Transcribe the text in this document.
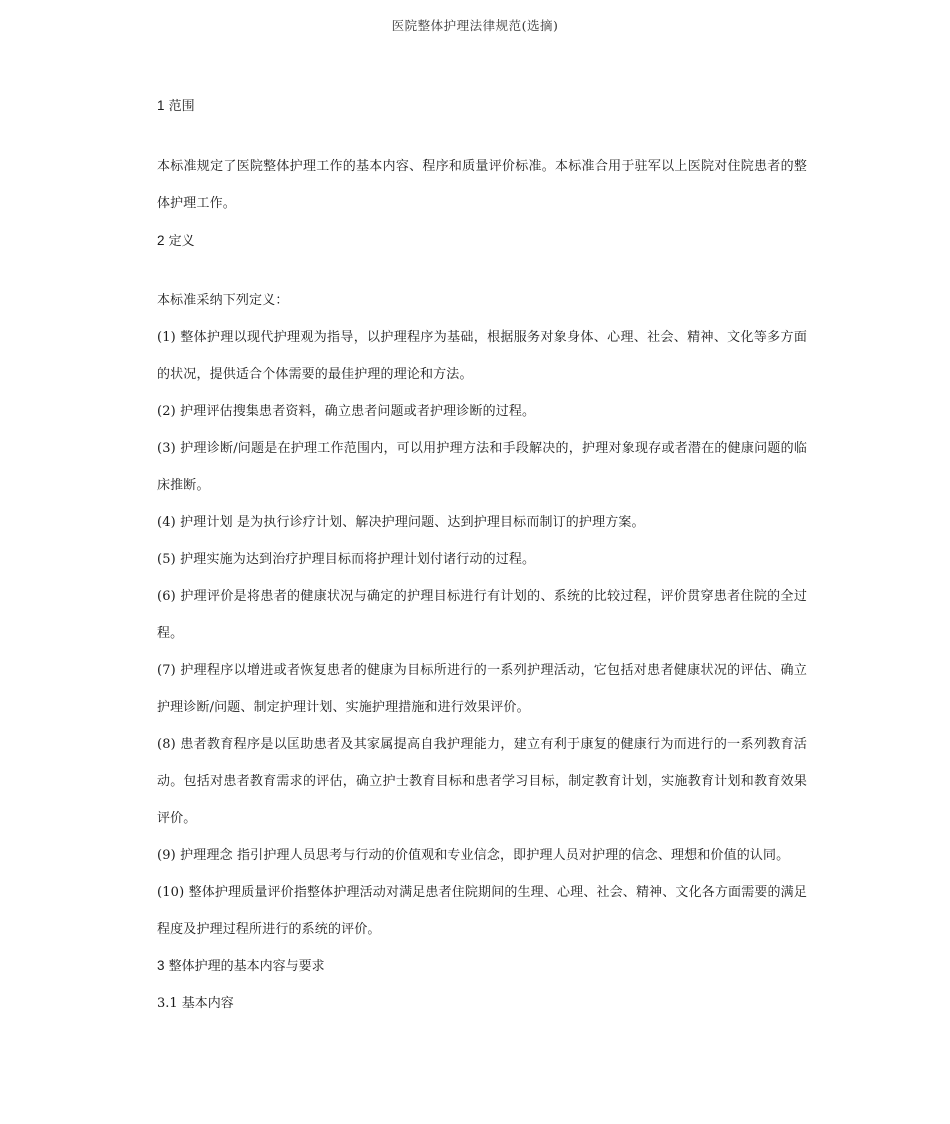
医院整体护理法律规范(选摘)
1 范围

本标准规定了医院整体护理工作的基本内容、程序和质量评价标准。本标准合用于驻军以上医院对住院患者的整体护理工作。

2 定义

本标准采纳下列定义：

(1) 整体护理以现代护理观为指导，以护理程序为基础，根据服务对象身体、心理、社会、精神、文化等多方面的状况，提供适合个体需要的最佳护理的理论和方法。

(2) 护理评估搜集患者资料，确立患者问题或者护理诊断的过程。

(3) 护理诊断/问题是在护理工作范围内，可以用护理方法和手段解决的，护理对象现存或者潜在的健康问题的临床推断。

(4) 护理计划 是为执行诊疗计划、解决护理问题、达到护理目标而制订的护理方案。

(5) 护理实施为达到治疗护理目标而将护理计划付诸行动的过程。

(6) 护理评价是将患者的健康状况与确定的护理目标进行有计划的、系统的比较过程，评价贯穿患者住院的全过程。

(7) 护理程序以增进或者恢复患者的健康为目标所进行的一系列护理活动，它包括对患者健康状况的评估、确立护理诊断/问题、制定护理计划、实施护理措施和进行效果评价。

(8) 患者教育程序是以匡助患者及其家属提高自我护理能力，建立有利于康复的健康行为而进行的一系列教育活动。包括对患者教育需求的评估，确立护士教育目标和患者学习目标，制定教育计划，实施教育计划和教育效果评价。

(9) 护理理念 指引护理人员思考与行动的价值观和专业信念，即护理人员对护理的信念、理想和价值的认同。

(10) 整体护理质量评价指整体护理活动对满足患者住院期间的生理、心理、社会、精神、文化各方面需要的满足程度及护理过程所进行的系统的评价。

3 整体护理的基本内容与要求
3.1 基本内容
